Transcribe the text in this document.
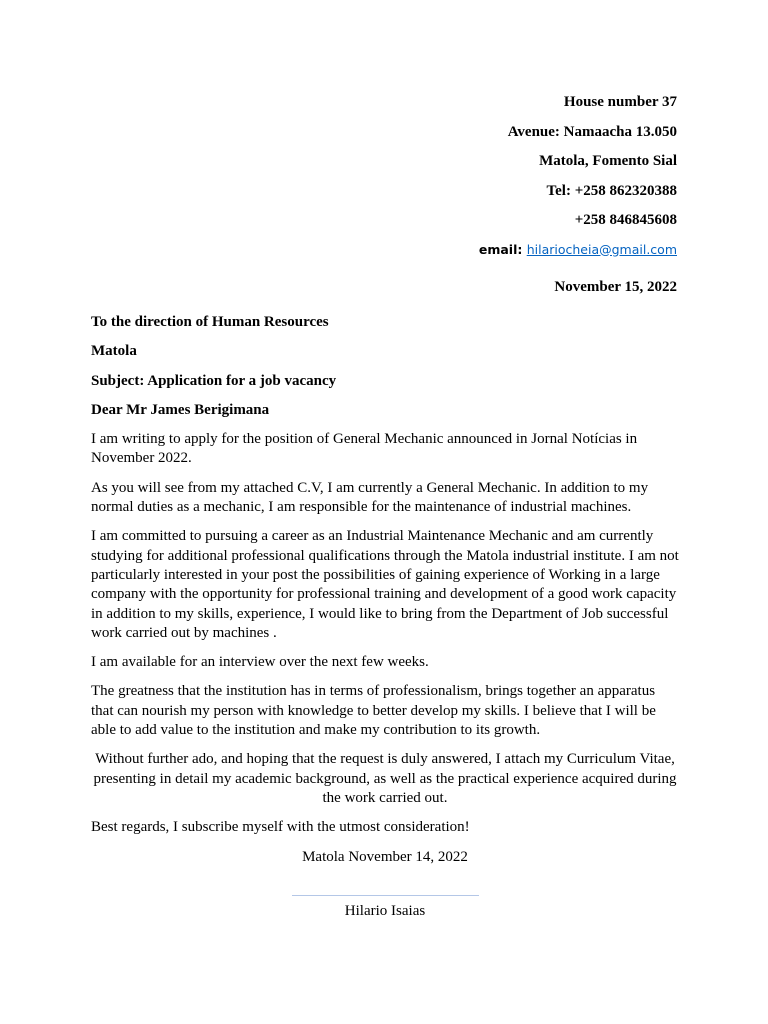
House number 37
Avenue: Namaacha 13.050
Matola, Fomento Sial
Tel: +258 862320388
+258 846845608
email: hilariocheia@gmail.com
November 15, 2022

To the direction of Human Resources

Matola

Subject: Application for a job vacancy

Dear Mr James Berigimana

I am writing to apply for the position of General Mechanic announced in Jornal Notícias in November 2022.

As you will see from my attached C.V, I am currently a General Mechanic. In addition to my normal duties as a mechanic, I am responsible for the maintenance of industrial machines.

I am committed to pursuing a career as an Industrial Maintenance Mechanic and am currently studying for additional professional qualifications through the Matola industrial institute. I am not particularly interested in your post the possibilities of gaining experience of Working in a large company with the opportunity for professional training and development of a good work capacity in addition to my skills, experience, I would like to bring from the Department of Job successful work carried out by machines .

I am available for an interview over the next few weeks.

The greatness that the institution has in terms of professionalism, brings together an apparatus that can nourish my person with knowledge to better develop my skills. I believe that I will be able to add value to the institution and make my contribution to its growth.

Without further ado, and hoping that the request is duly answered, I attach my Curriculum Vitae, presenting in detail my academic background, as well as the practical experience acquired during the work carried out.

Best regards, I subscribe myself with the utmost consideration!

Matola November 14, 2022

Hilario Isaias
